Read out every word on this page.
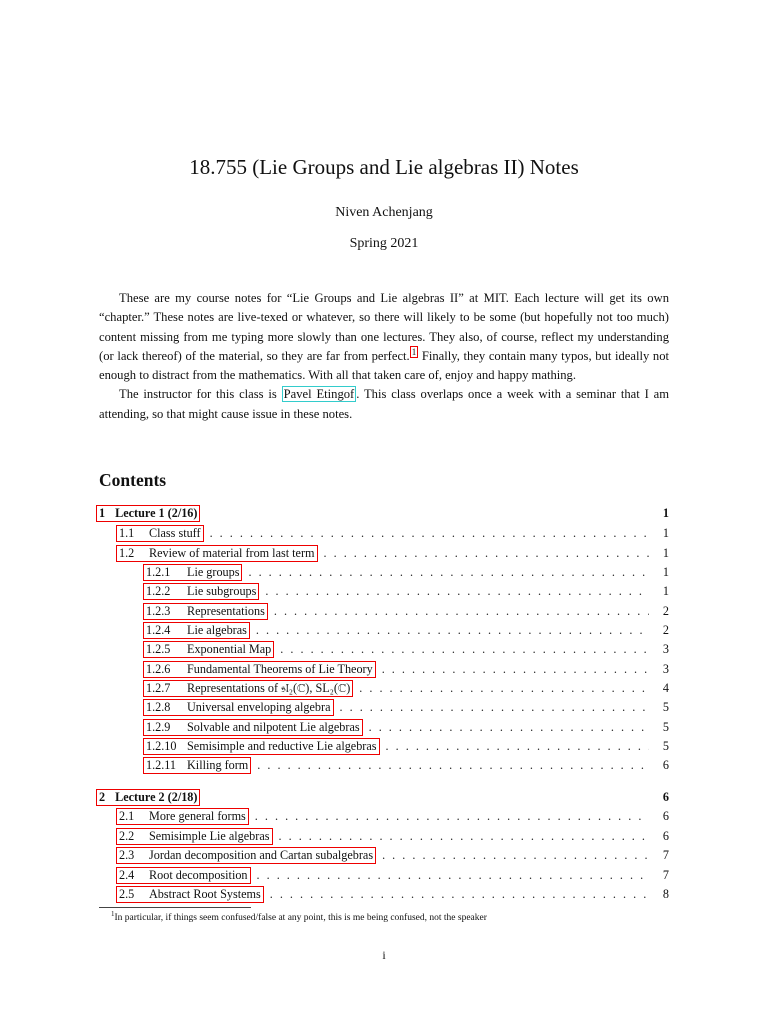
18.755 (Lie Groups and Lie algebras II) Notes
Niven Achenjang
Spring 2021

These are my course notes for “Lie Groups and Lie algebras II” at MIT. Each lecture will get its own “chapter.” These notes are live-texed or whatever, so there will likely to be some (but hopefully not too much) content missing from me typing more slowly than one lectures. They also, of course, reflect my understanding (or lack thereof) of the material, so they are far from perfect. $^1$ Finally, they contain many typos, but ideally not enough to distract from the mathematics. With all that taken care of, enjoy and happy mathing.

The instructor for this class is Pavel Etingof . This class overlaps once a week with a seminar that I am attending, so that might cause issue in these notes.

Contents
1 Lecture 1 (2/16)	1
1.1 Class stuff . . .	1
1.2 Review of material from last term . . .	1
1.2.1 Lie groups . . .	1
1.2.2 Lie subgroups . . .	1
1.2.3 Representations . . .	2
1.2.4 Lie algebras . . .	2
1.2.5 Exponential Map . . .	3
1.2.6 Fundamental Theorems of Lie Theory . . .	3
1.2.7 Representations of 𝔰𝔩₂(ℂ), SL₂(ℂ) . . .	4
1.2.8 Universal enveloping algebra . . .	5
1.2.9 Solvable and nilpotent Lie algebras . . .	5
1.2.10 Semisimple and reductive Lie algebras . . .	5
1.2.11 Killing form . . .	6
2 Lecture 2 (2/18)	6
2.1 More general forms . . .	6
2.2 Semisimple Lie algebras . . .	6
2.3 Jordan decomposition and Cartan subalgebras . . .	7
2.4 Root decomposition . . .	7
2.5 Abstract Root Systems . . .	8
$^1$In particular, if things seem confused/false at any point, this is me being confused, not the speaker
i
